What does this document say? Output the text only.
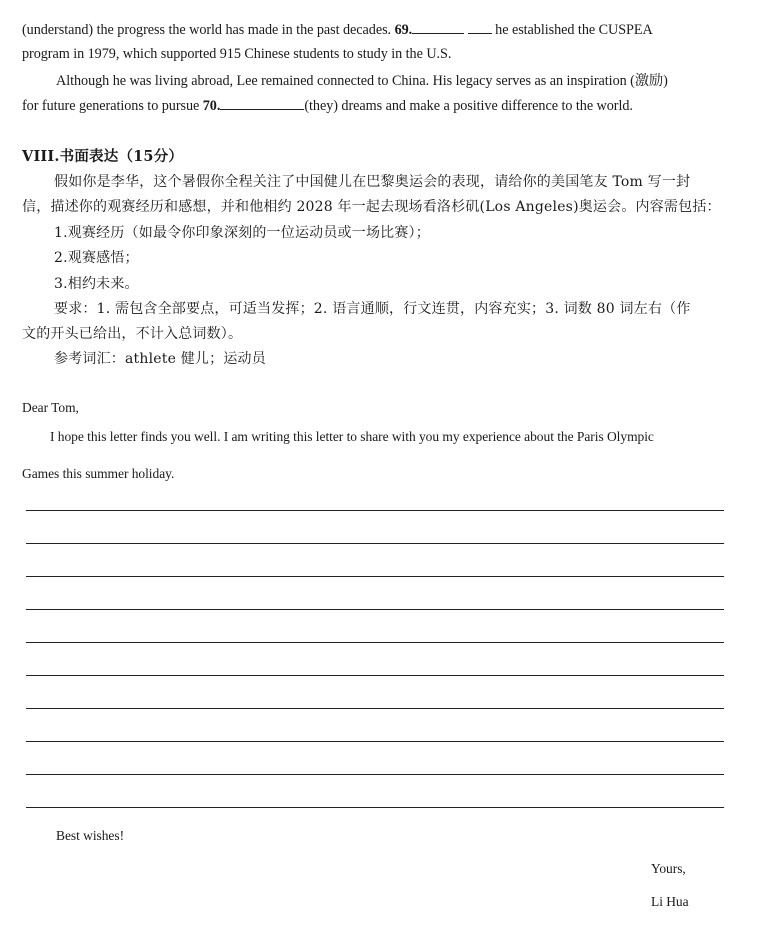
(understand) the progress the world has made in the past decades. 69.	he established the CUSPEA
program in 1979, which supported 915 Chinese students to study in the U.S.
Although he was living abroad, Lee remained connected to China. His legacy serves as an inspiration (激励)
for future generations to pursue 70.	(they) dreams and make a positive difference to the world.
VIII.书面表达（15分）
假如你是李华，这个暑假你全程关注了中国健儿在巴黎奥运会的表现，请给你的美国笔友 Tom 写一封
信，描述你的观赛经历和感想，并和他相约 2028 年一起去现场看洛杉矶(Los Angeles)奥运会。内容需包括：
1.观赛经历（如最令你印象深刻的一位运动员或一场比赛）；
2.观赛感悟；
3.相约未来。
要求：1. 需包含全部要点，可适当发挥；2. 语言通顺，行文连贯，内容充实；3. 词数 80 词左右（作
文的开头已给出，不计入总词数）。
参考词汇：athlete 健儿；运动员
Dear Tom,
I hope this letter finds you well. I am writing this letter to share with you my experience about the Paris Olympic
Games this summer holiday.
Best wishes!
Yours,
Li Hua
